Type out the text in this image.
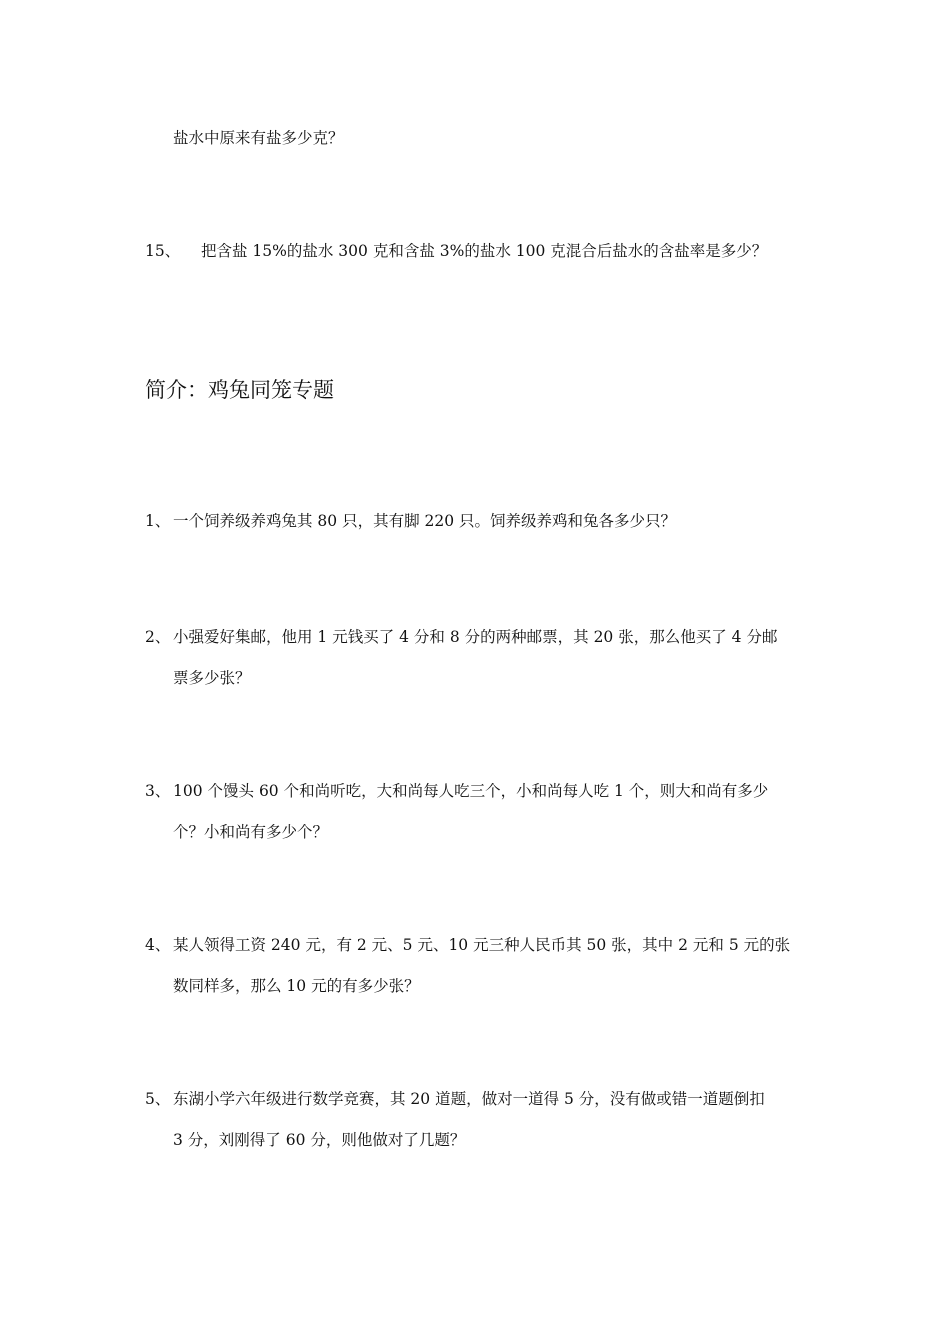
盐水中原来有盐多少克？
15、 把含盐 15%的盐水 300 克和含盐 3%的盐水 100 克混合后盐水的含盐率是多少？
简介：鸡兔同笼专题
1、 一个饲养级养鸡兔其 80 只，其有脚 220 只。饲养级养鸡和兔各多少只？
2、 小强爱好集邮，他用 1 元钱买了 4 分和 8 分的两种邮票，其 20 张，那么他买了 4 分邮
票多少张？
3、 100 个馒头 60 个和尚听吃，大和尚每人吃三个，小和尚每人吃 1 个，则大和尚有多少
个？小和尚有多少个？
4、 某人领得工资 240 元，有 2 元、5 元、10 元三种人民币其 50 张，其中 2 元和 5 元的张
数同样多，那么 10 元的有多少张？
5、 东湖小学六年级进行数学竞赛，其 20 道题，做对一道得 5 分，没有做或错一道题倒扣
3 分，刘刚得了 60 分，则他做对了几题？
